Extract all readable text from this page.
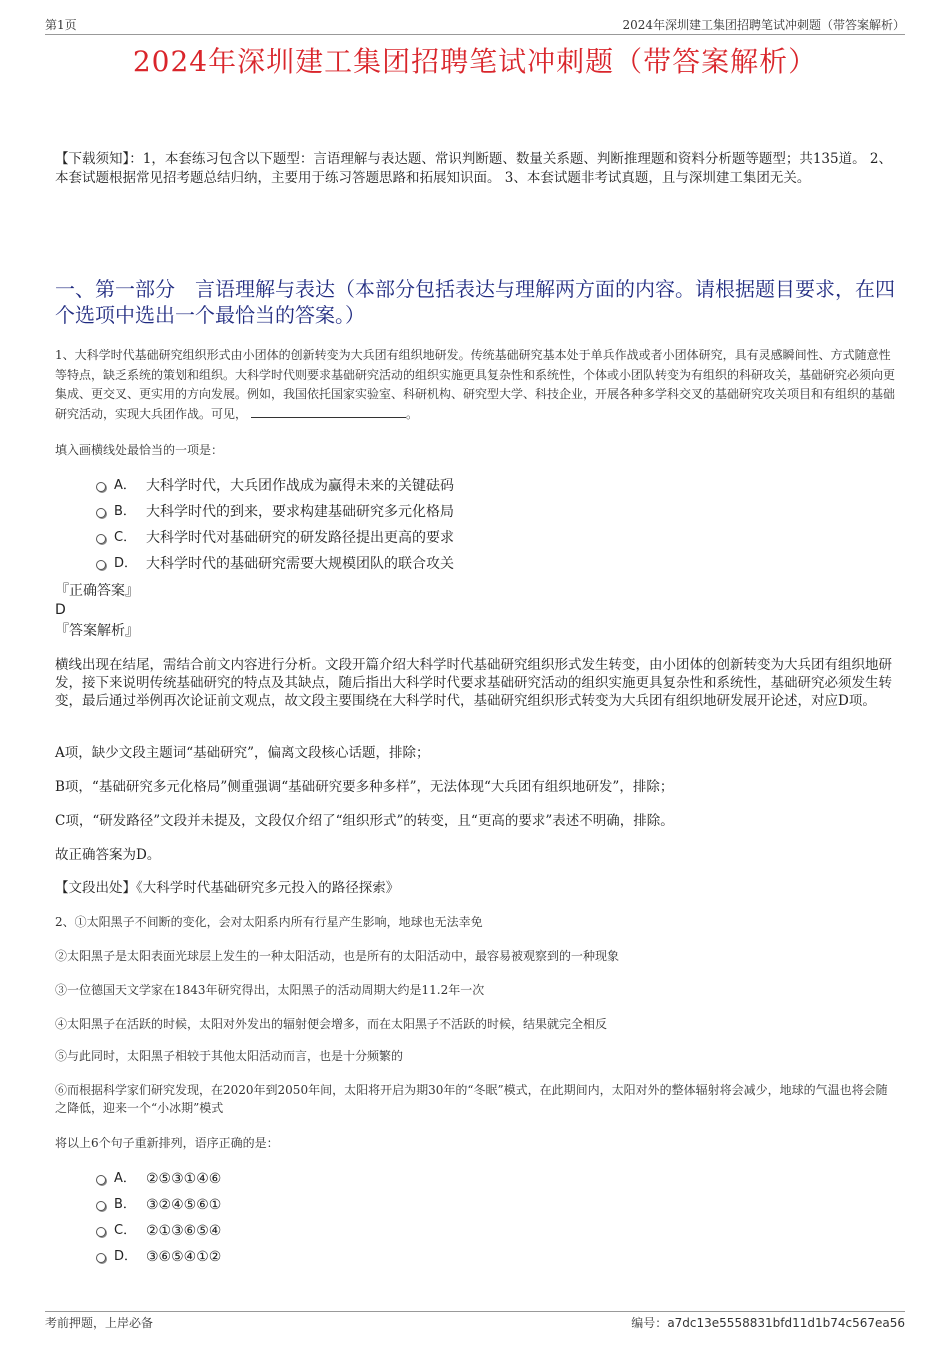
第1页	2024年深圳建工集团招聘笔试冲刺题（带答案解析）
2024年深圳建工集团招聘笔试冲刺题（带答案解析）
【下载须知】：1，本套练习包含以下题型：言语理解与表达题、常识判断题、数量关系题、判断推理题和资料分析题等题型；共135道。 2、本套试题根据常见招考题总结归纳，主要用于练习答题思路和拓展知识面。 3、本套试题非考试真题，且与深圳建工集团无关。
一、第一部分　言语理解与表达（本部分包括表达与理解两方面的内容。请根据题目要求，在四个选项中选出一个最恰当的答案。）
1、大科学时代基础研究组织形式由小团体的创新转变为大兵团有组织地研发。传统基础研究基本处于单兵作战或者小团体研究，具有灵感瞬间性、方式随意性等特点，缺乏系统的策划和组织。大科学时代则要求基础研究活动的组织实施更具复杂性和系统性，个体或小团队转变为有组织的科研攻关，基础研究必须向更集成、更交叉、更实用的方向发展。例如，我国依托国家实验室、科研机构、研究型大学、科技企业，开展各种多学科交叉的基础研究攻关项目和有组织的基础研究活动，实现大兵团作战。可见，	。
填入画横线处最恰当的一项是：
A． 大科学时代，大兵团作战成为赢得未来的关键砝码
B． 大科学时代的到来，要求构建基础研究多元化格局
C． 大科学时代对基础研究的研发路径提出更高的要求
D． 大科学时代的基础研究需要大规模团队的联合攻关
『正确答案』
D
『答案解析』
横线出现在结尾，需结合前文内容进行分析。文段开篇介绍大科学时代基础研究组织形式发生转变，由小团体的创新转变为大兵团有组织地研发，接下来说明传统基础研究的特点及其缺点，随后指出大科学时代要求基础研究活动的组织实施更具复杂性和系统性，基础研究必须发生转变，最后通过举例再次论证前文观点，故文段主要围绕在大科学时代，基础研究组织形式转变为大兵团有组织地研发展开论述，对应D项。
A项，缺少文段主题词“基础研究”，偏离文段核心话题，排除；
B项，“基础研究多元化格局”侧重强调“基础研究要多种多样”，无法体现“大兵团有组织地研发”，排除；
C项，“研发路径”文段并未提及，文段仅介绍了“组织形式”的转变，且“更高的要求”表述不明确，排除。
故正确答案为D。
【文段出处】《大科学时代基础研究多元投入的路径探索》
2、①太阳黑子不间断的变化，会对太阳系内所有行星产生影响，地球也无法幸免
②太阳黑子是太阳表面光球层上发生的一种太阳活动，也是所有的太阳活动中，最容易被观察到的一种现象
③一位德国天文学家在1843年研究得出，太阳黑子的活动周期大约是11.2年一次
④太阳黑子在活跃的时候，太阳对外发出的辐射便会增多，而在太阳黑子不活跃的时候，结果就完全相反
⑤与此同时，太阳黑子相较于其他太阳活动而言，也是十分频繁的
⑥而根据科学家们研究发现，在2020年到2050年间，太阳将开启为期30年的“冬眠”模式，在此期间内，太阳对外的整体辐射将会减少，地球的气温也将会随之降低，迎来一个“小冰期”模式
将以上6个句子重新排列，语序正确的是：
A． ②⑤③①④⑥
B． ③②④⑤⑥①
C． ②①③⑥⑤④
D． ③⑥⑤④①②
考前押题，上岸必备	编号：a7dc13e5558831bfd11d1b74c567ea56
